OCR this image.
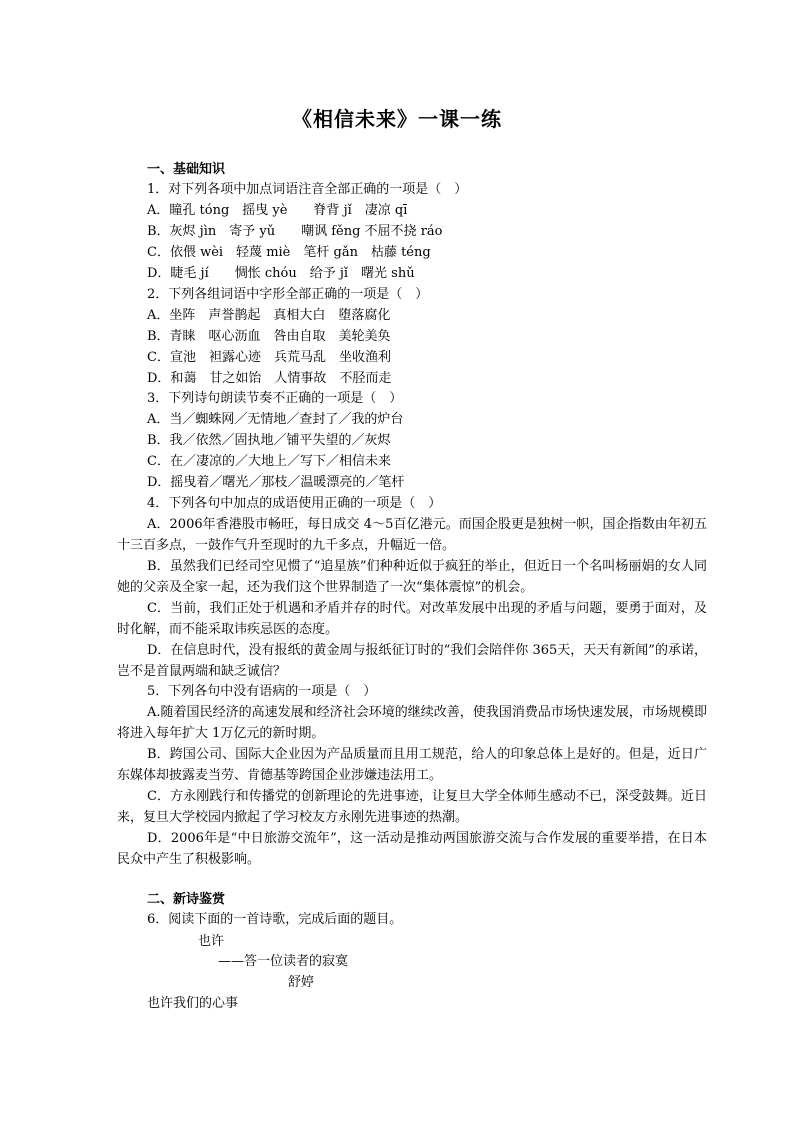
《相信未来》一课一练
一、基础知识
1．对下列各项中加点词语注音全部正确的一项是（　）
A．瞳孔 tóng　摇曳 yè　　脊背 jǐ　凄凉 qī
B．灰烬 jìn　寄予 yǔ　　嘲讽 fěng 不屈不挠 ráo
C．依偎 wèi　轻蔑 miè　笔杆 gǎn　枯藤 téng
D．睫毛 jí　　惆怅 chóu　给予 jǐ　曙光 shǔ
2．下列各组词语中字形全部正确的一项是（　）
A．坐阵　声誉鹊起　真相大白　堕落腐化
B．青睐　呕心沥血　咎由自取　美轮美奂
C．宣池　袒露心迹　兵荒马乱　坐收渔利
D．和蔼　甘之如饴　人情事故　不胫而走
3．下列诗句朗读节奏不正确的一项是（　）
A．当／蜘蛛网／无情地／查封了／我的炉台
B．我／依然／固执地／铺平失望的／灰烬
C．在／凄凉的／大地上／写下／相信未来
D．摇曳着／曙光／那枝／温暖漂亮的／笔杆
4．下列各句中加点的成语使用正确的一项是（　）
A．2006年香港股市畅旺，每日成交 4～5百亿港元。而国企股更是独树一帜，国企指数由年初五十三百多点，一鼓作气升至现时的九千多点，升幅近一倍。
B．虽然我们已经司空见惯了“追星族”们种种近似于疯狂的举止，但近日一个名叫杨丽娟的女人同她的父亲及全家一起，还为我们这个世界制造了一次“集体震惊”的机会。
C．当前，我们正处于机遇和矛盾并存的时代。对改革发展中出现的矛盾与问题，要勇于面对，及时化解，而不能采取讳疾忌医的态度。
D．在信息时代，没有报纸的黄金周与报纸征订时的“我们会陪伴你 365天，天天有新闻”的承诺，岂不是首鼠两端和缺乏诚信？
5．下列各句中没有语病的一项是（　）
A.随着国民经济的高速发展和经济社会环境的继续改善，使我国消费品市场快速发展，市场规模即将进入每年扩大 1万亿元的新时期。
B．跨国公司、国际大企业因为产品质量而且用工规范，给人的印象总体上是好的。但是，近日广东媒体却披露麦当劳、肯德基等跨国企业涉嫌违法用工。
C．方永刚践行和传播党的创新理论的先进事迹，让复旦大学全体师生感动不已，深受鼓舞。近日来，复旦大学校园内掀起了学习校友方永刚先进事迹的热潮。
D．2006年是“中日旅游交流年”，这一活动是推动两国旅游交流与合作发展的重要举措，在日本民众中产生了积极影响。
二、新诗鉴赏
6．阅读下面的一首诗歌，完成后面的题目。
也许
——答一位读者的寂寞
舒婷
也许我们的心事
